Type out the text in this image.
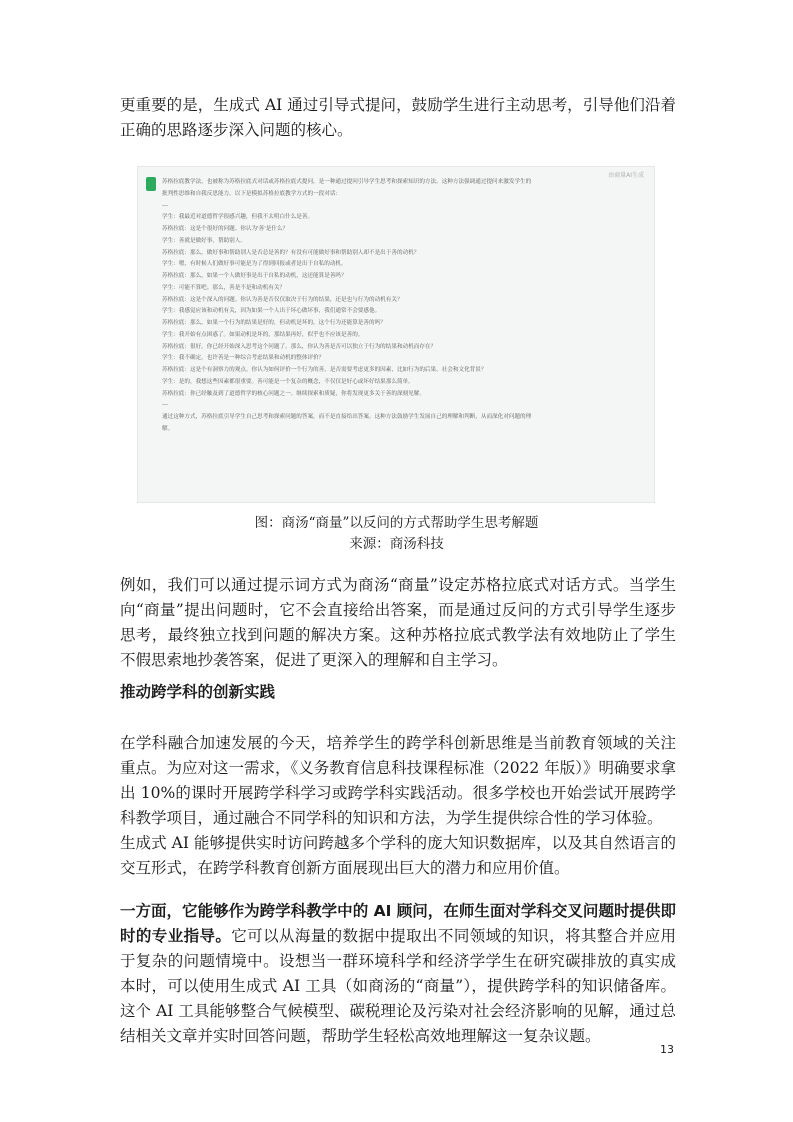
更重要的是，生成式 AI 通过引导式提问，鼓励学生进行主动思考，引导他们沿着正确的思路逐步深入问题的核心。

由商量AI生成
苏格拉底教学法，也被称为苏格拉底式对话或苏格拉底式提问，是一种通过提问引导学生思考和探索知识的方法。这种方法强调通过提问来激发学生的
批判性思维和自我反思能力。以下是模拟苏格拉底教学方式的一段对话：
---
学生：我最近对道德哲学很感兴趣，但我不太明白什么是善。
苏格拉底：这是个很好的问题。你认为'善'是什么？
学生：善就是做好事，帮助别人。
苏格拉底：那么，做好事和帮助别人是否总是善的？有没有可能做好事和帮助别人却不是出于善的动机？
学生：嗯，有时候人们做好事可能是为了得到回报或者是出于自私的动机。
苏格拉底：那么，如果一个人做好事是出于自私的动机，这还能算是善吗？
学生：可能不算吧。那么，善是不是和动机有关？
苏格拉底：这是个深入的问题。你认为善是否仅仅取决于行为的结果，还是也与行为的动机有关？
学生：我感觉应该和动机有关，因为如果一个人出于坏心做坏事，我们通常不会要感他。
苏格拉底：那么，如果一个行为的结果是好的，但动机是坏的，这个行为还能算是善的吗？
学生：我开始有点困惑了。如果动机是坏的，那结果再好，似乎也不应该是善的。
苏格拉底：很好，你已经开始深入思考这个问题了。那么，你认为善是否可以独立于行为的结果和动机而存在？
学生：我不确定，也许善是一种综合考虑结果和动机的整体评价？
苏格拉底：这是个有洞察力的观点。你认为如何评价一个行为的善，是否需要考虑更多的因素，比如行为的后果、社会和文化背景？
学生：是的，我想这些因素都很重要。善可能是一个复杂的概念，不仅仅是好心或坏好结果那么简单。
苏格拉底：你已经触及到了道德哲学的核心问题之一。继续探索和质疑，你将发现更多关于善的深刻见解。
---
通过这种方式，苏格拉底引导学生自己思考和探索问题的答案，而不是直接给出答案。这种方法鼓励学生发展自己的理解和判断，从而深化对问题的理
解。

图：商汤“商量”以反问的方式帮助学生思考解题

来源：商汤科技

例如，我们可以通过提示词方式为商汤“商量”设定苏格拉底式对话方式。当学生向“商量”提出问题时，它不会直接给出答案，而是通过反问的方式引导学生逐步思考，最终独立找到问题的解决方案。这种苏格拉底式教学法有效地防止了学生不假思索地抄袭答案，促进了更深入的理解和自主学习。

推动跨学科的创新实践

在学科融合加速发展的今天，培养学生的跨学科创新思维是当前教育领域的关注重点。为应对这一需求，《义务教育信息科技课程标准（2022 年版）》明确要求拿出 10%的课时开展跨学科学习或跨学科实践活动。很多学校也开始尝试开展跨学科教学项目，通过融合不同学科的知识和方法，为学生提供综合性的学习体验。

生成式 AI 能够提供实时访问跨越多个学科的庞大知识数据库，以及其自然语言的交互形式，在跨学科教育创新方面展现出巨大的潜力和应用价值。

一方面，它能够作为跨学科教学中的 AI 顾问，在师生面对学科交叉问题时提供即时的专业指导。它可以从海量的数据中提取出不同领域的知识，将其整合并应用于复杂的问题情境中。设想当一群环境科学和经济学学生在研究碳排放的真实成本时，可以使用生成式 AI 工具（如商汤的“商量”），提供跨学科的知识储备库。这个 AI 工具能够整合气候模型、碳税理论及污染对社会经济影响的见解，通过总结相关文章并实时回答问题，帮助学生轻松高效地理解这一复杂议题。

13
